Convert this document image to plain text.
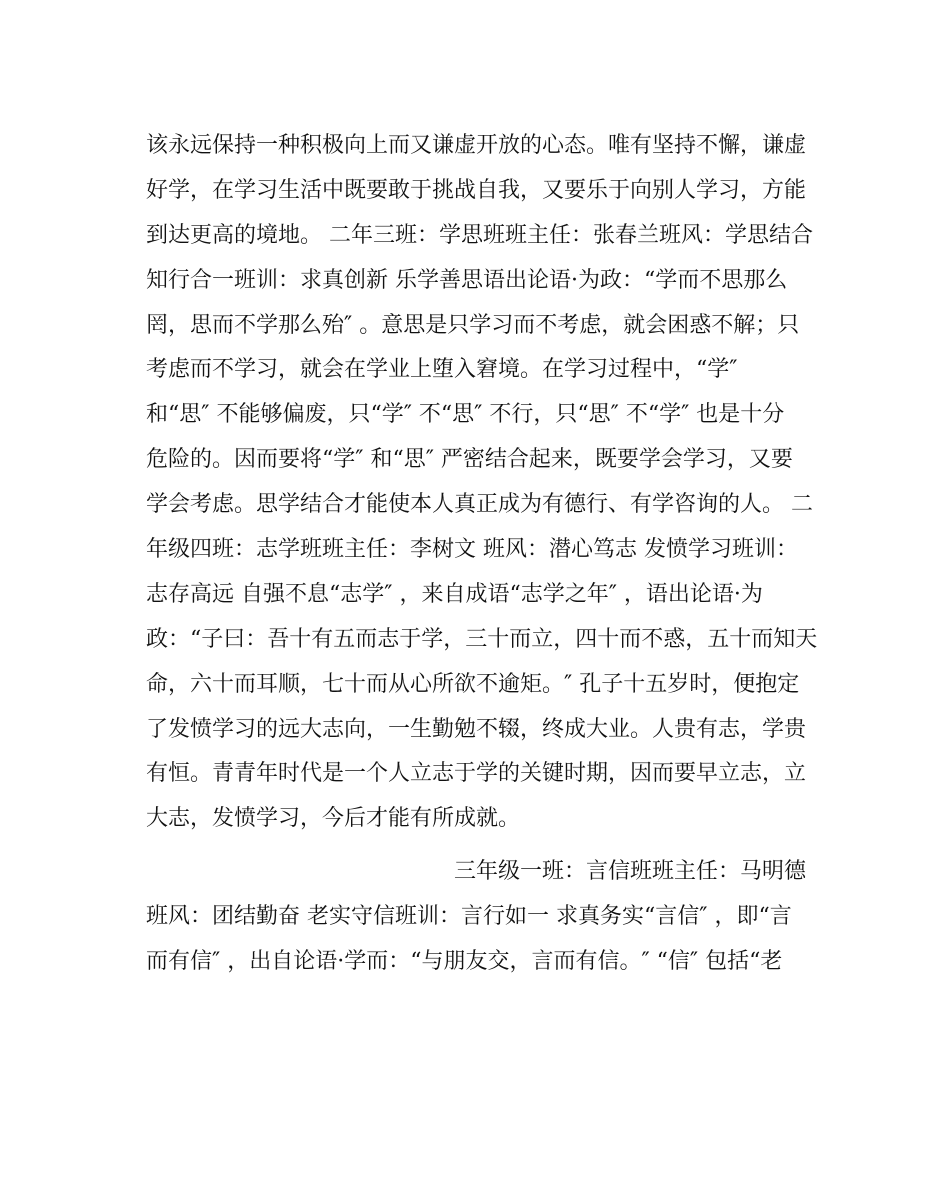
该永远保持一种积极向上而又谦虚开放的心态。唯有坚持不懈，谦虚
好学，在学习生活中既要敢于挑战自我，又要乐于向别人学习，方能
到达更高的境地。 二年三班：学思班班主任：张春兰班风：学思结合
知行合一班训：求真创新 乐学善思语出论语·为政：“学而不思那么
罔，思而不学那么殆″ 。意思是只学习而不考虑，就会困惑不解；只
考虑而不学习，就会在学业上堕入窘境。在学习过程中，“学″
和“思″ 不能够偏废，只“学″ 不“思″ 不行，只“思″ 不“学″ 也是十分
危险的。因而要将“学″ 和“思″ 严密结合起来，既要学会学习，又要
学会考虑。思学结合才能使本人真正成为有德行、有学咨询的人。 二
年级四班：志学班班主任：李树文 班风：潜心笃志 发愤学习班训：
志存高远 自强不息“志学″ ，来自成语“志学之年″ ，语出论语·为
政：“子曰：吾十有五而志于学，三十而立，四十而不惑，五十而知天
命，六十而耳顺，七十而从心所欲不逾矩。″ 孔子十五岁时，便抱定
了发愤学习的远大志向，一生勤勉不辍，终成大业。人贵有志，学贵
有恒。青青年时代是一个人立志于学的关键时期，因而要早立志，立
大志，发愤学习，今后才能有所成就。
三年级一班：言信班班主任：马明德
班风：团结勤奋 老实守信班训：言行如一 求真务实“言信″ ，即“言
而有信″ ，出自论语·学而：“与朋友交，言而有信。″ “信″ 包括“老
